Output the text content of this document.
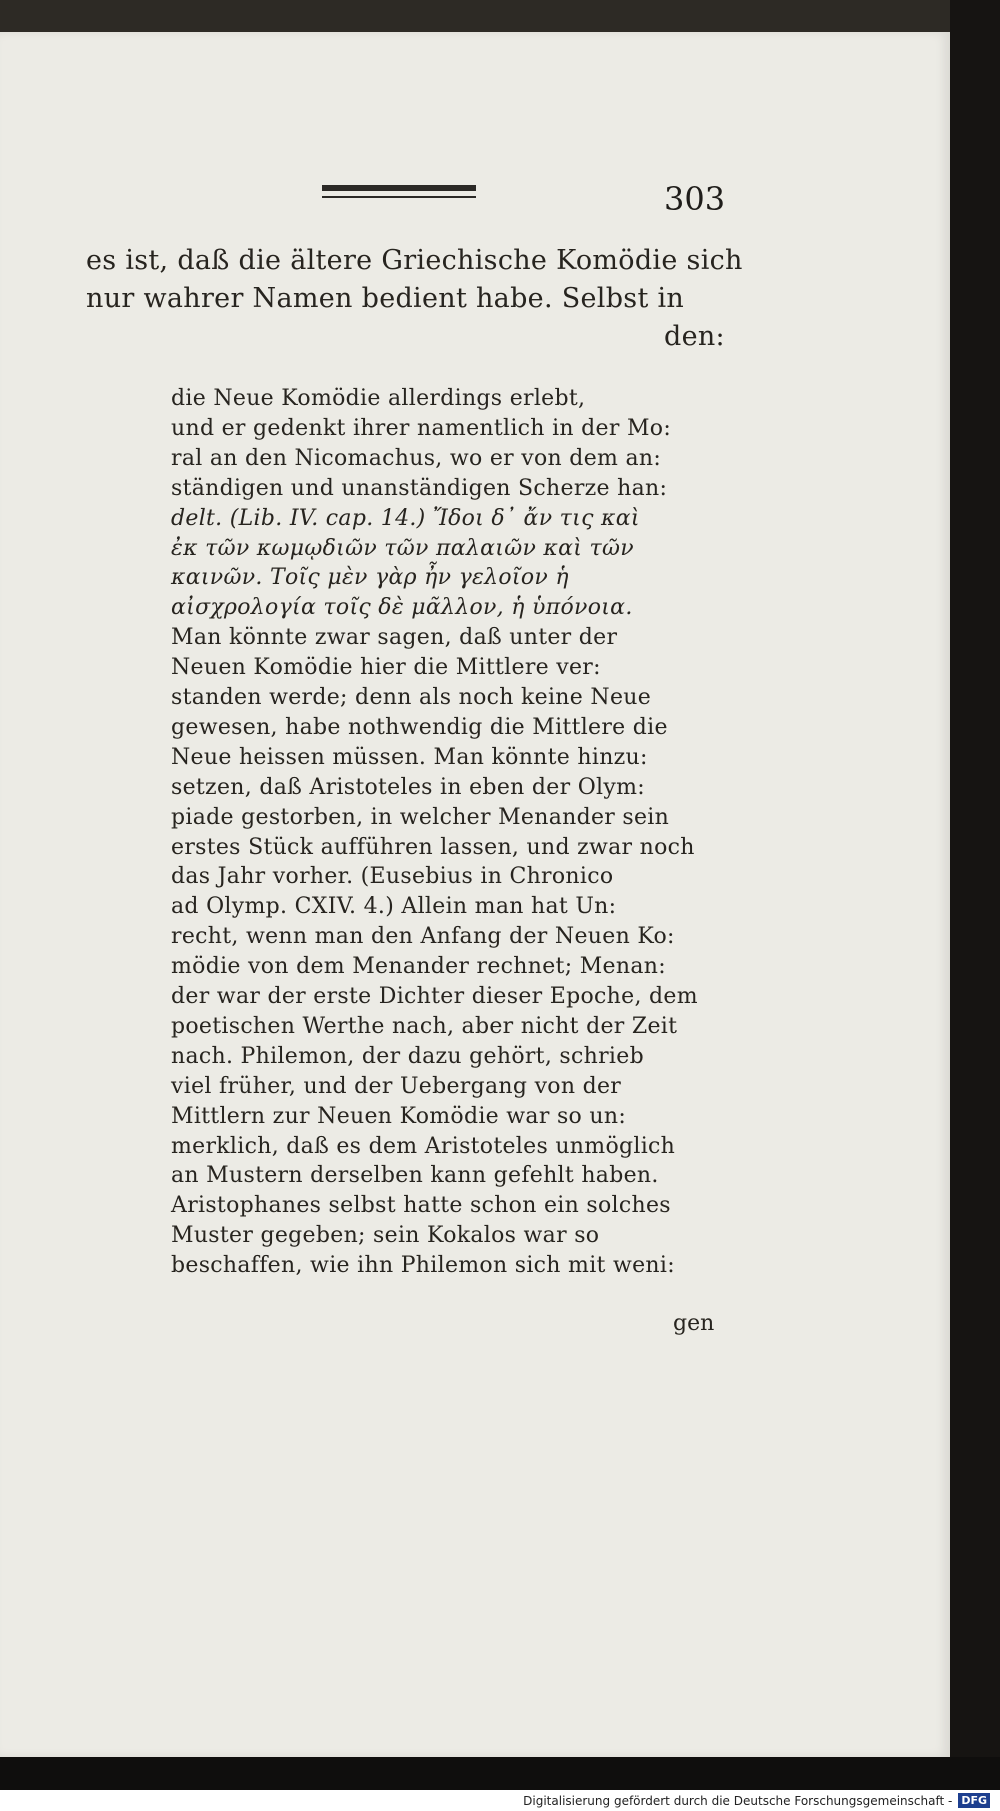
303
es ist, daß die ältere Griechische Komödie sich
nur wahrer Namen bedient habe. Selbst in
den:
die Neue Komödie allerdings erlebt,
und er gedenkt ihrer namentlich in der Mo:
ral an den Nicomachus, wo er von dem an:
ständigen und unanständigen Scherze han:
delt. (Lib. IV. cap. 14.) Ἴδοι δ᾽ ἄν τις καὶ
ἐκ τῶν κωμῳδιῶν τῶν παλαιῶν καὶ τῶν
καινῶν. Τοῖς μὲν γὰρ ἦν γελοῖον ἡ
αἰσχρολογία τοῖς δὲ μᾶλλον, ἡ ὑπόνοια.
Man könnte zwar sagen, daß unter der
Neuen Komödie hier die Mittlere ver:
standen werde; denn als noch keine Neue
gewesen, habe nothwendig die Mittlere die
Neue heissen müssen. Man könnte hinzu:
setzen, daß Aristoteles in eben der Olym:
piade gestorben, in welcher Menander sein
erstes Stück aufführen lassen, und zwar noch
das Jahr vorher. (Eusebius in Chronico
ad Olymp. CXIV. 4.) Allein man hat Un:
recht, wenn man den Anfang der Neuen Ko:
mödie von dem Menander rechnet; Menan:
der war der erste Dichter dieser Epoche, dem
poetischen Werthe nach, aber nicht der Zeit
nach. Philemon, der dazu gehört, schrieb
viel früher, und der Uebergang von der
Mittlern zur Neuen Komödie war so un:
merklich, daß es dem Aristoteles unmöglich
an Mustern derselben kann gefehlt haben.
Aristophanes selbst hatte schon ein solches
Muster gegeben; sein Kokalos war so
beschaffen, wie ihn Philemon sich mit weni:
gen
Digitalisierung gefördert durch die Deutsche Forschungsgemeinschaft - DFG
